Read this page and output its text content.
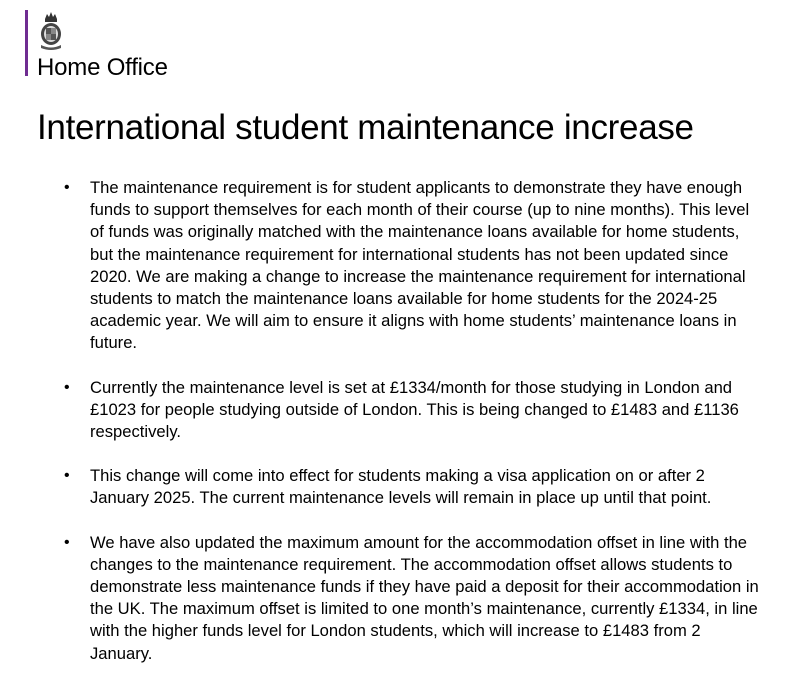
Home Office
International student maintenance increase
• The maintenance requirement is for student applicants to demonstrate they have enough funds to support themselves for each month of their course (up to nine months). This level of funds was originally matched with the maintenance loans available for home students, but the maintenance requirement for international students has not been updated since 2020. We are making a change to increase the maintenance requirement for international students to match the maintenance loans available for home students for the 2024-25 academic year. We will aim to ensure it aligns with home students’ maintenance loans in future.
• Currently the maintenance level is set at £1334/month for those studying in London and £1023 for people studying outside of London. This is being changed to £1483 and £1136 respectively.
• This change will come into effect for students making a visa application on or after 2 January 2025. The current maintenance levels will remain in place up until that point.
• We have also updated the maximum amount for the accommodation offset in line with the changes to the maintenance requirement. The accommodation offset allows students to demonstrate less maintenance funds if they have paid a deposit for their accommodation in the UK. The maximum offset is limited to one month’s maintenance, currently £1334, in line with the higher funds level for London students, which will increase to £1483 from 2 January.
